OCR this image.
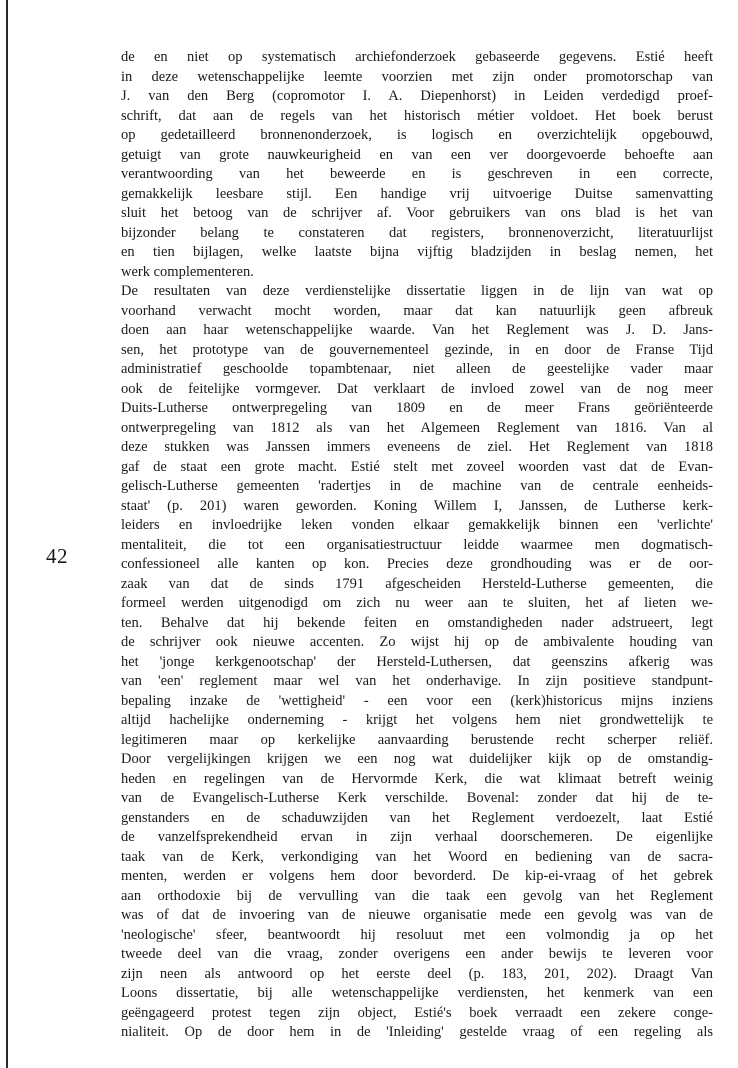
42
de en niet op systematisch archiefonderzoek gebaseerde gegevens. Estié heeft
in deze wetenschappelijke leemte voorzien met zijn onder promotorschap van
J. van den Berg (copromotor I. A. Diepenhorst) in Leiden verdedigd proef-
schrift, dat aan de regels van het historisch métier voldoet. Het boek berust
op gedetailleerd bronnenonderzoek, is logisch en overzichtelijk opgebouwd,
getuigt van grote nauwkeurigheid en van een ver doorgevoerde behoefte aan
verantwoording van het beweerde en is geschreven in een correcte,
gemakkelijk leesbare stijl. Een handige vrij uitvoerige Duitse samenvatting
sluit het betoog van de schrijver af. Voor gebruikers van ons blad is het van
bijzonder belang te constateren dat registers, bronnenoverzicht, literatuurlijst
en tien bijlagen, welke laatste bijna vijftig bladzijden in beslag nemen, het
werk complementeren.
De resultaten van deze verdienstelijke dissertatie liggen in de lijn van wat op
voorhand verwacht mocht worden, maar dat kan natuurlijk geen afbreuk
doen aan haar wetenschappelijke waarde. Van het Reglement was J. D. Jans-
sen, het prototype van de gouvernementeel gezinde, in en door de Franse Tijd
administratief geschoolde topambtenaar, niet alleen de geestelijke vader maar
ook de feitelijke vormgever. Dat verklaart de invloed zowel van de nog meer
Duits-Lutherse ontwerpregeling van 1809 en de meer Frans geöriënteerde
ontwerpregeling van 1812 als van het Algemeen Reglement van 1816. Van al
deze stukken was Janssen immers eveneens de ziel. Het Reglement van 1818
gaf de staat een grote macht. Estié stelt met zoveel woorden vast dat de Evan-
gelisch-Lutherse gemeenten 'radertjes in de machine van de centrale eenheids-
staat' (p. 201) waren geworden. Koning Willem I, Janssen, de Lutherse kerk-
leiders en invloedrijke leken vonden elkaar gemakkelijk binnen een 'verlichte'
mentaliteit, die tot een organisatiestructuur leidde waarmee men dogmatisch-
confessioneel alle kanten op kon. Precies deze grondhouding was er de oor-
zaak van dat de sinds 1791 afgescheiden Hersteld-Lutherse gemeenten, die
formeel werden uitgenodigd om zich nu weer aan te sluiten, het af lieten we-
ten. Behalve dat hij bekende feiten en omstandigheden nader adstrueert, legt
de schrijver ook nieuwe accenten. Zo wijst hij op de ambivalente houding van
het 'jonge kerkgenootschap' der Hersteld-Luthersen, dat geenszins afkerig was
van 'een' reglement maar wel van het onderhavige. In zijn positieve standpunt-
bepaling inzake de 'wettigheid' - een voor een (kerk)historicus mijns inziens
altijd hachelijke onderneming - krijgt het volgens hem niet grondwettelijk te
legitimeren maar op kerkelijke aanvaarding berustende recht scherper reliëf.
Door vergelijkingen krijgen we een nog wat duidelijker kijk op de omstandig-
heden en regelingen van de Hervormde Kerk, die wat klimaat betreft weinig
van de Evangelisch-Lutherse Kerk verschilde. Bovenal: zonder dat hij de te-
genstanders en de schaduwzijden van het Reglement verdoezelt, laat Estié
de vanzelfsprekendheid ervan in zijn verhaal doorschemeren. De eigenlijke
taak van de Kerk, verkondiging van het Woord en bediening van de sacra-
menten, werden er volgens hem door bevorderd. De kip-ei-vraag of het gebrek
aan orthodoxie bij de vervulling van die taak een gevolg van het Reglement
was of dat de invoering van de nieuwe organisatie mede een gevolg was van de
'neologische' sfeer, beantwoordt hij resoluut met een volmondig ja op het
tweede deel van die vraag, zonder overigens een ander bewijs te leveren voor
zijn neen als antwoord op het eerste deel (p. 183, 201, 202). Draagt Van
Loons dissertatie, bij alle wetenschappelijke verdiensten, het kenmerk van een
geëngageerd protest tegen zijn object, Estié's boek verraadt een zekere conge-
nialiteit. Op de door hem in de 'Inleiding' gestelde vraag of een regeling als
